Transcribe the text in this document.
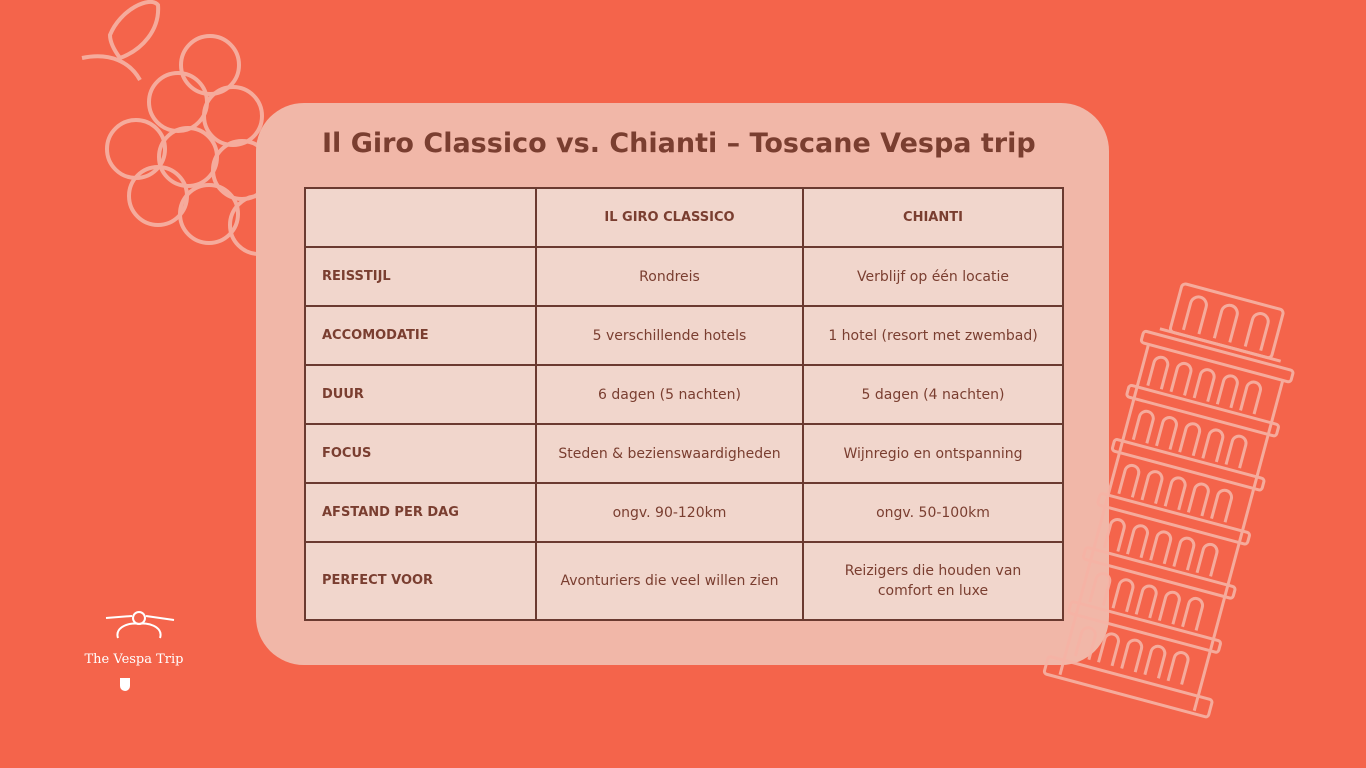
Il Giro Classico vs. Chianti – Toscane Vespa trip
	IL GIRO CLASSICO	CHIANTI
REISSTIJL	Rondreis	Verblijf op één locatie
ACCOMODATIE	5 verschillende hotels	1 hotel (resort met zwembad)
DUUR	6 dagen (5 nachten)	5 dagen (4 nachten)
FOCUS	Steden & bezienswaardigheden	Wijnregio en ontspanning
AFSTAND PER DAG	ongv. 90-120km	ongv. 50-100km
PERFECT VOOR	Avonturiers die veel willen zien	Reizigers die houden van comfort en luxe
The Vespa Trip
